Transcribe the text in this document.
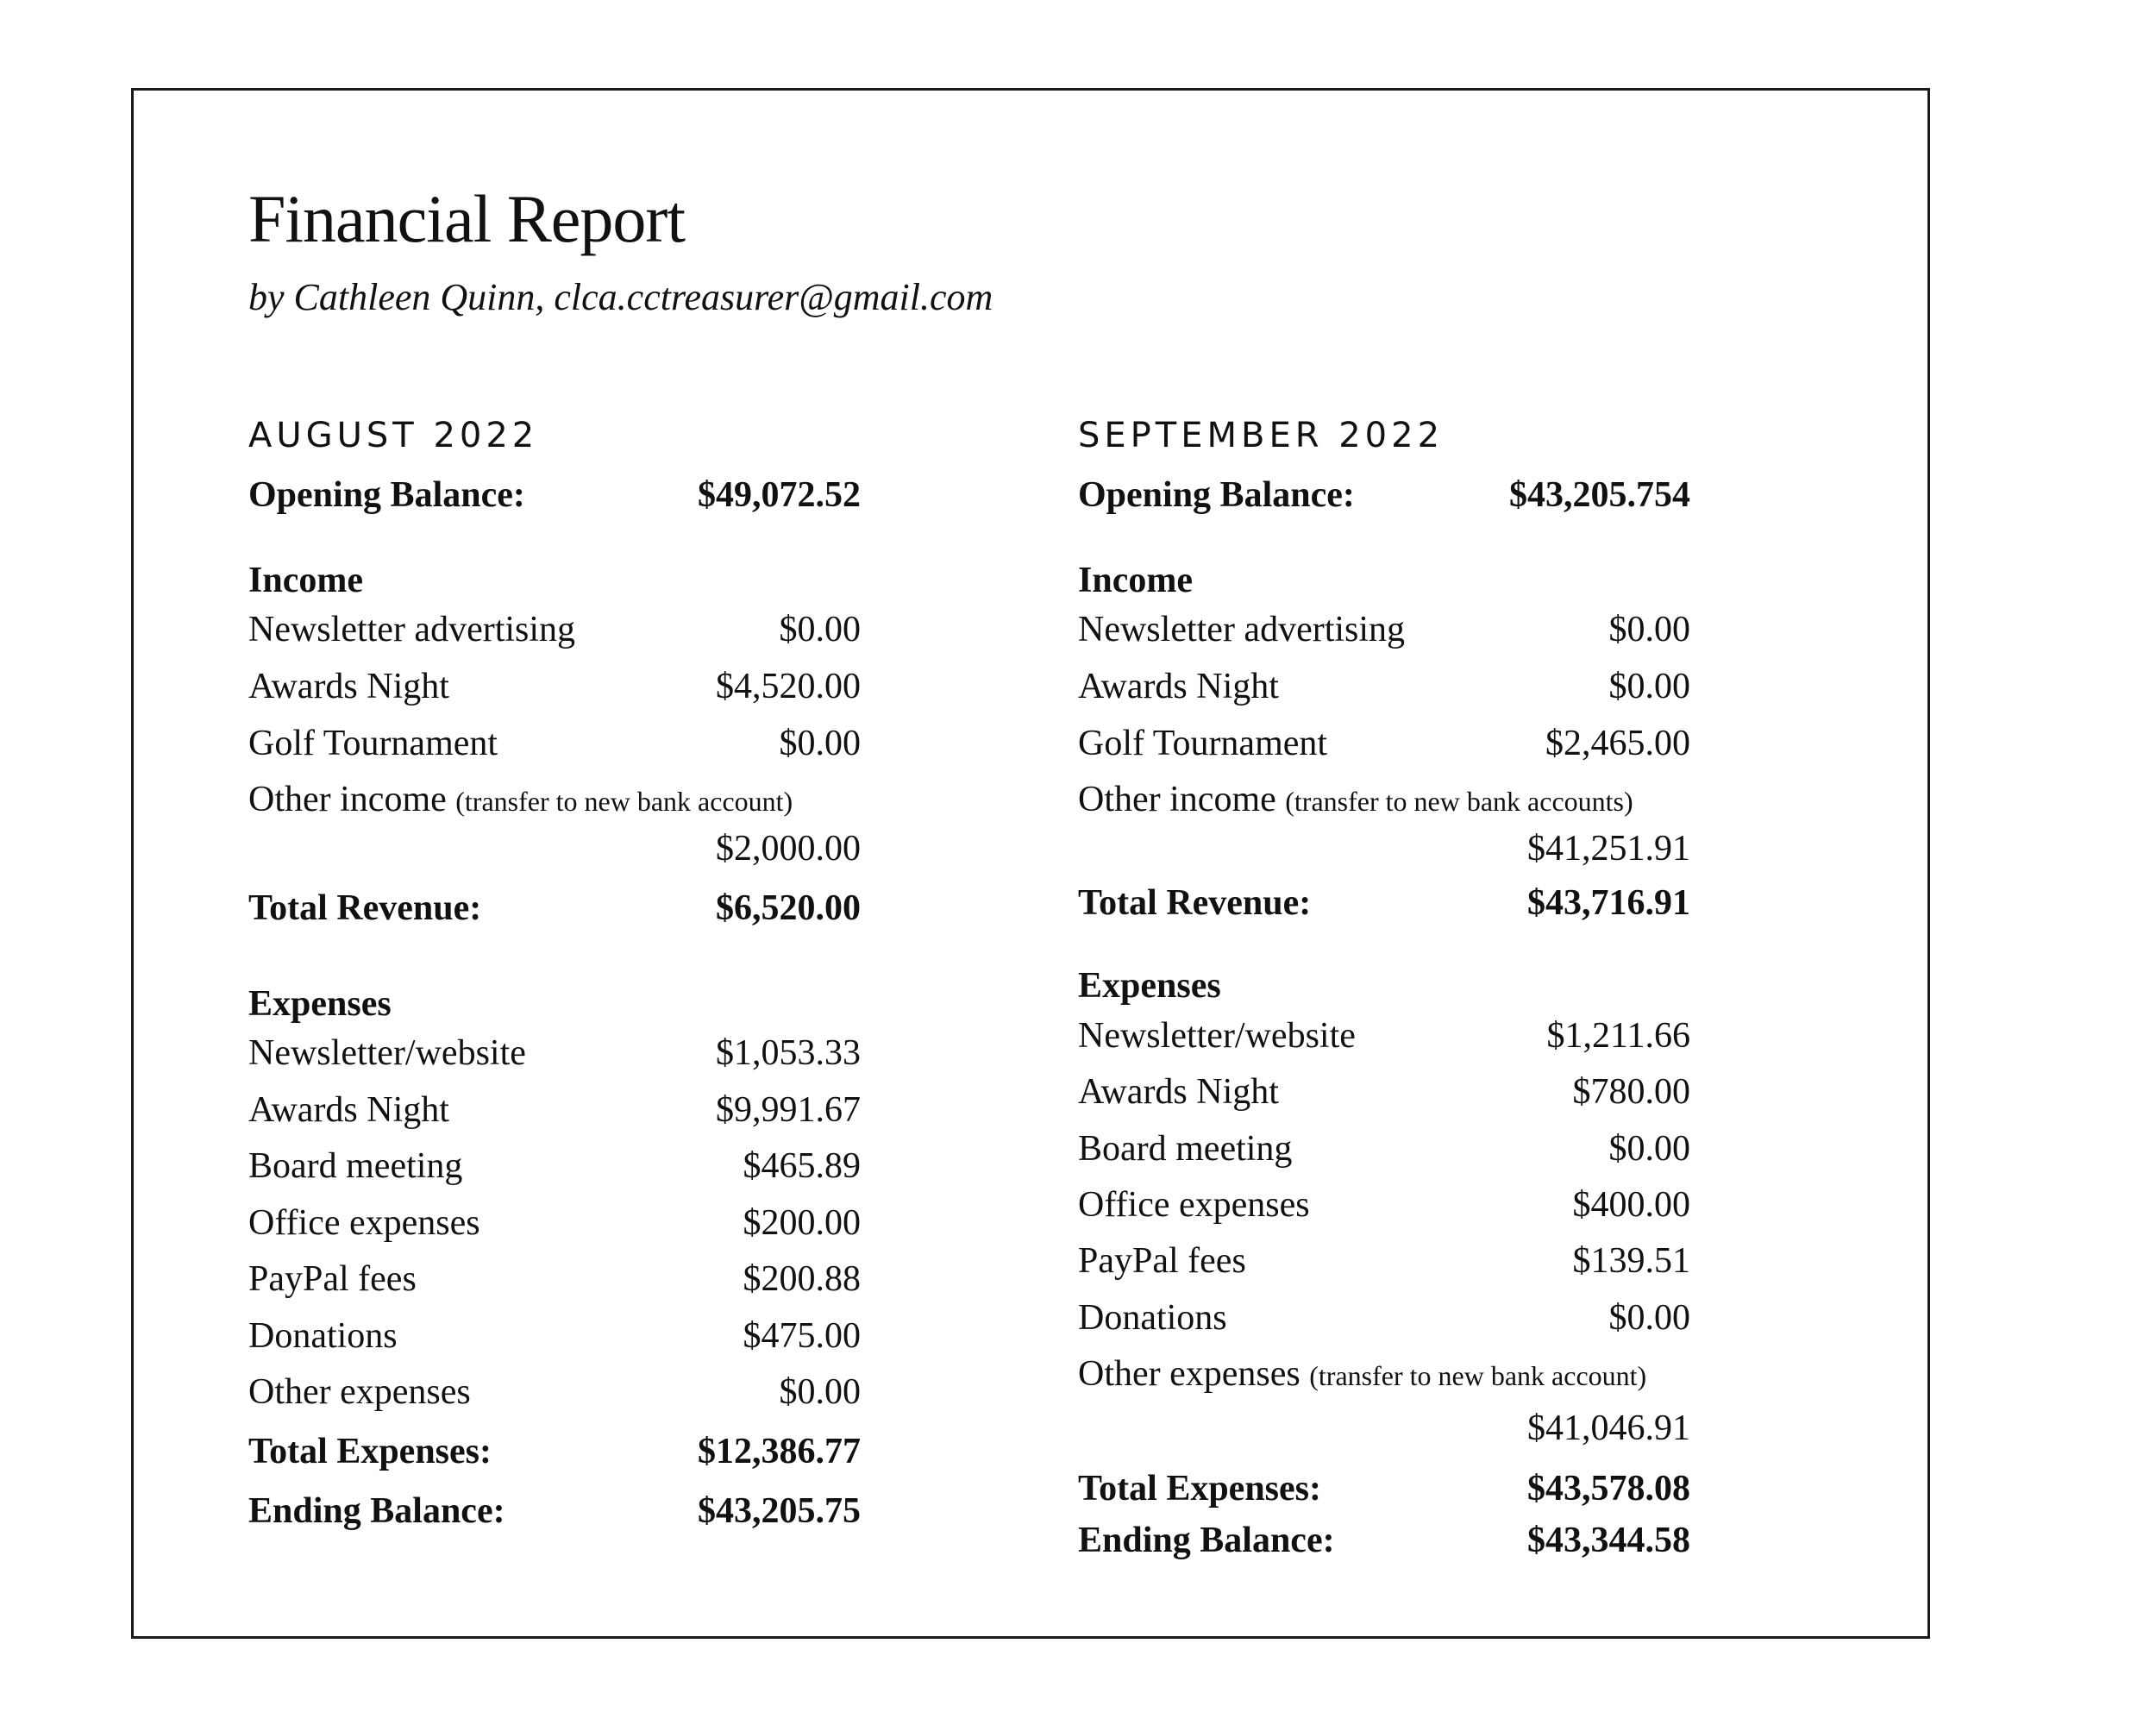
Financial Report
by Cathleen Quinn, clca.cctreasurer@gmail.com
AUGUST 2022
Opening Balance:	$49,072.52
Income
Newsletter advertising	$0.00
Awards Night	$4,520.00
Golf Tournament	$0.00
Other income (transfer to new bank account)
$2,000.00
Total Revenue:	$6,520.00
Expenses
Newsletter/website	$1,053.33
Awards Night	$9,991.67
Board meeting	$465.89
Office expenses	$200.00
PayPal fees	$200.88
Donations	$475.00
Other expenses	$0.00
Total Expenses:	$12,386.77
Ending Balance:	$43,205.75
SEPTEMBER 2022
Opening Balance:	$43,205.754
Income
Newsletter advertising	$0.00
Awards Night	$0.00
Golf Tournament	$2,465.00
Other income (transfer to new bank accounts)
$41,251.91
Total Revenue:	$43,716.91
Expenses
Newsletter/website	$1,211.66
Awards Night	$780.00
Board meeting	$0.00
Office expenses	$400.00
PayPal fees	$139.51
Donations	$0.00
Other expenses (transfer to new bank account)
$41,046.91
Total Expenses:	$43,578.08
Ending Balance:	$43,344.58
